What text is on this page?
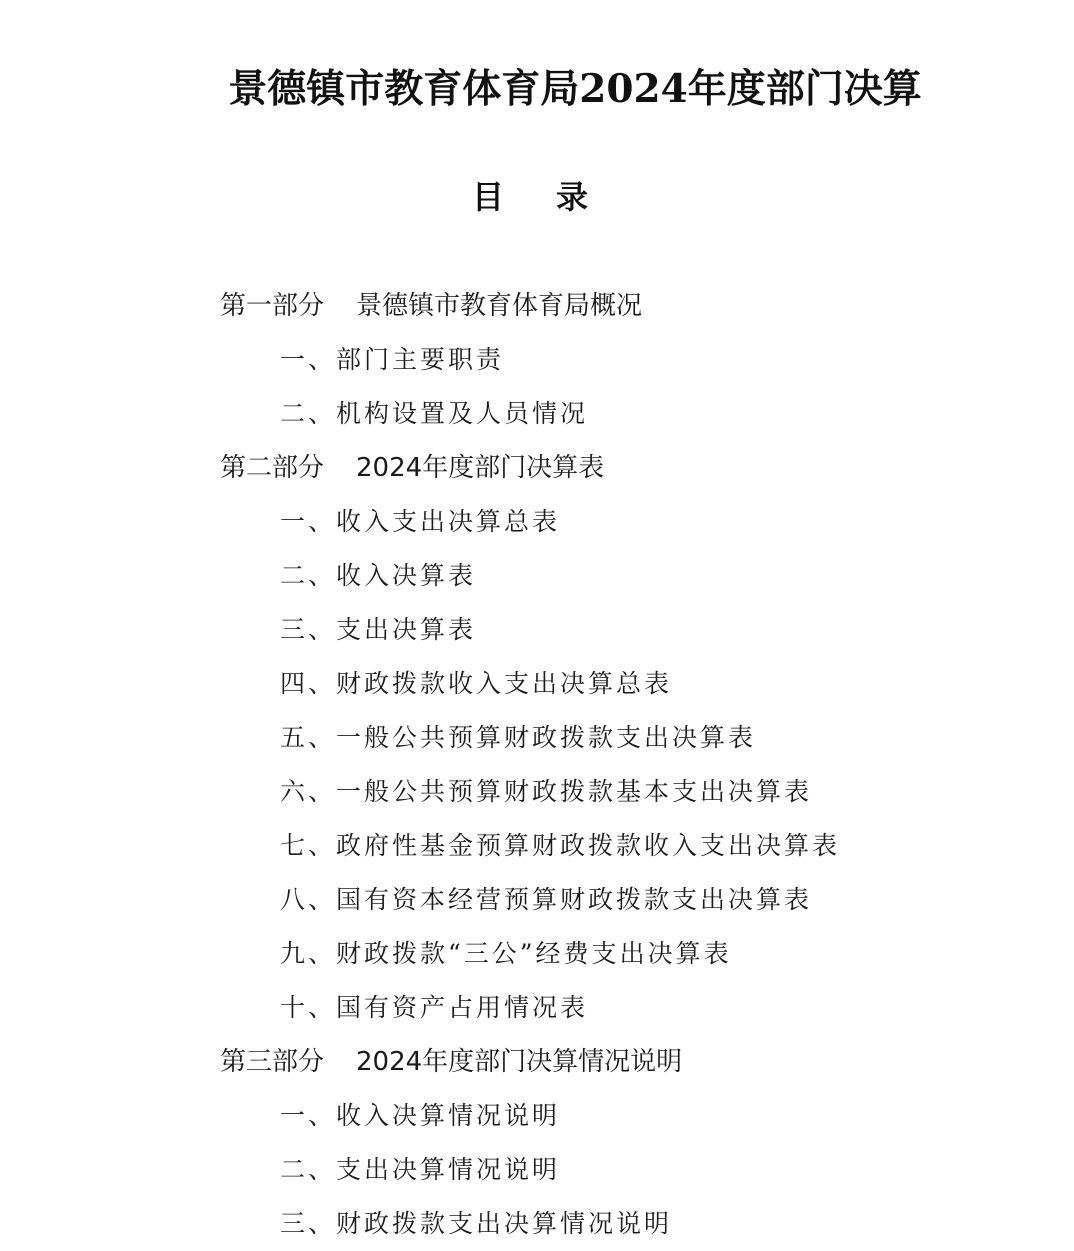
景德镇市教育体育局2024年度部门决算
目 录
第一部分 景德镇市教育体育局概况
一、部门主要职责
二、机构设置及人员情况
第二部分 2024年度部门决算表
一、收入支出决算总表
二、收入决算表
三、支出决算表
四、财政拨款收入支出决算总表
五、一般公共预算财政拨款支出决算表
六、一般公共预算财政拨款基本支出决算表
七、政府性基金预算财政拨款收入支出决算表
八、国有资本经营预算财政拨款支出决算表
九、财政拨款“三公”经费支出决算表
十、国有资产占用情况表
第三部分 2024年度部门决算情况说明
一、收入决算情况说明
二、支出决算情况说明
三、财政拨款支出决算情况说明
